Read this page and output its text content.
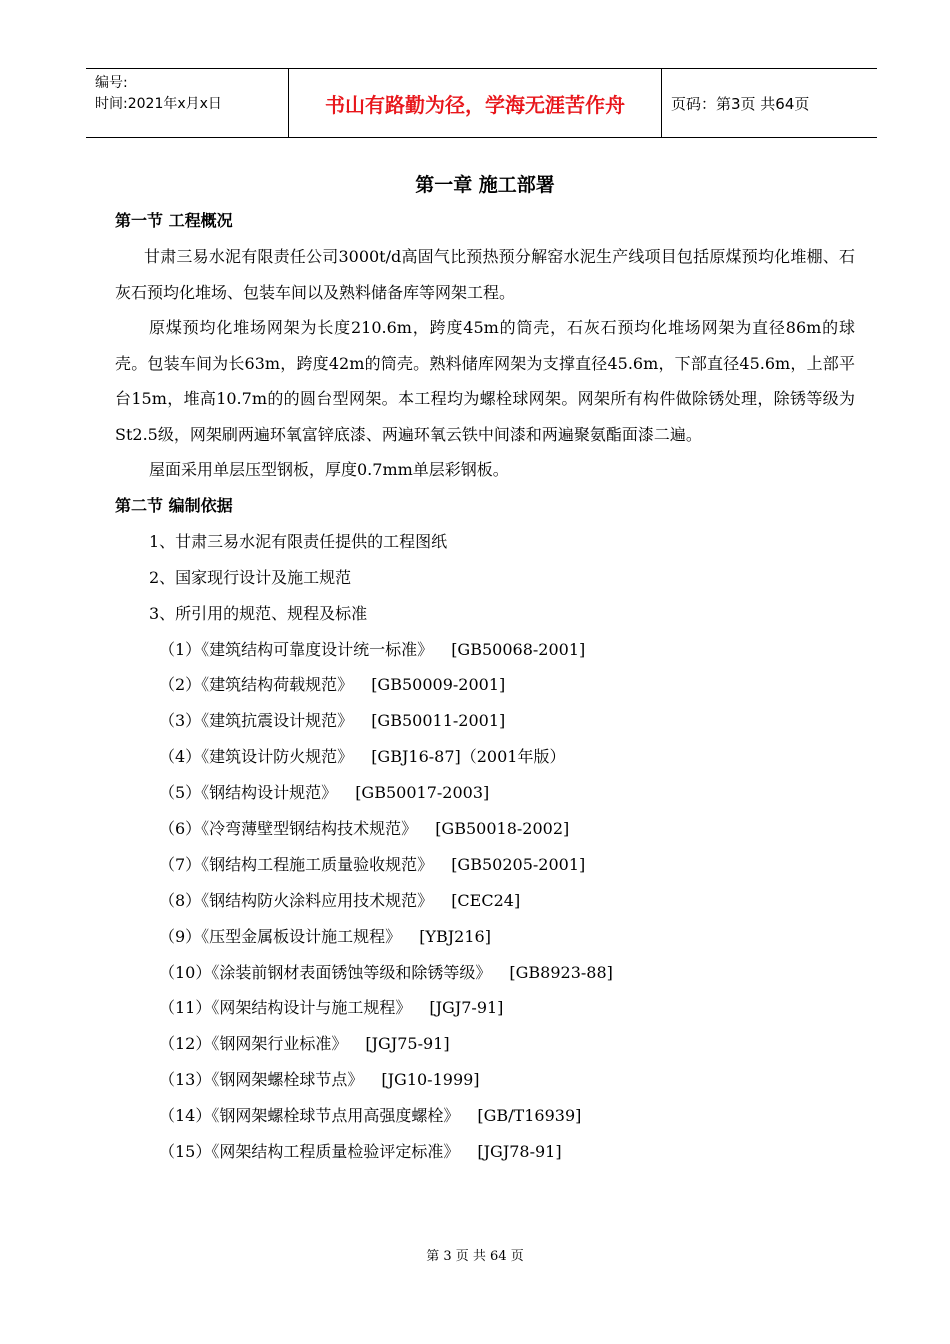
编号:
时间:2021年x月x日	书山有路勤为径，学海无涯苦作舟	页码：第3页 共64页
第一章 施工部署
第一节 工程概况
甘肃三易水泥有限责任公司3000t/d高固气比预热预分解窑水泥生产线项目包括原煤预均化堆棚、石灰石预均化堆场、包装车间以及熟料储备库等网架工程。
原煤预均化堆场网架为长度210.6m，跨度45m的筒壳，石灰石预均化堆场网架为直径86m的球壳。包装车间为长63m，跨度42m的筒壳。熟料储库网架为支撑直径45.6m，下部直径45.6m，上部平台15m，堆高10.7m的的圆台型网架。本工程均为螺栓球网架。网架所有构件做除锈处理，除锈等级为St2.5级，网架刷两遍环氧富锌底漆、两遍环氧云铁中间漆和两遍聚氨酯面漆二遍。
屋面采用单层压型钢板，厚度0.7mm单层彩钢板。
第二节 编制依据
1、甘肃三易水泥有限责任提供的工程图纸
2、国家现行设计及施工规范
3、所引用的规范、规程及标准
（1）《建筑结构可靠度设计统一标准》 [GB50068-2001]
（2）《建筑结构荷载规范》 [GB50009-2001]
（3）《建筑抗震设计规范》 [GB50011-2001]
（4）《建筑设计防火规范》 [GBJ16-87]（2001年版）
（5）《钢结构设计规范》 [GB50017-2003]
（6）《冷弯薄壁型钢结构技术规范》 [GB50018-2002]
（7）《钢结构工程施工质量验收规范》 [GB50205-2001]
（8）《钢结构防火涂料应用技术规范》 [CEC24]
（9）《压型金属板设计施工规程》 [YBJ216]
（10）《涂装前钢材表面锈蚀等级和除锈等级》 [GB8923-88]
（11）《网架结构设计与施工规程》 [JGJ7-91]
（12）《钢网架行业标准》 [JGJ75-91]
（13）《钢网架螺栓球节点》 [JG10-1999]
（14）《钢网架螺栓球节点用高强度螺栓》 [GB/T16939]
（15）《网架结构工程质量检验评定标准》 [JGJ78-91]
第 3 页 共 64 页
